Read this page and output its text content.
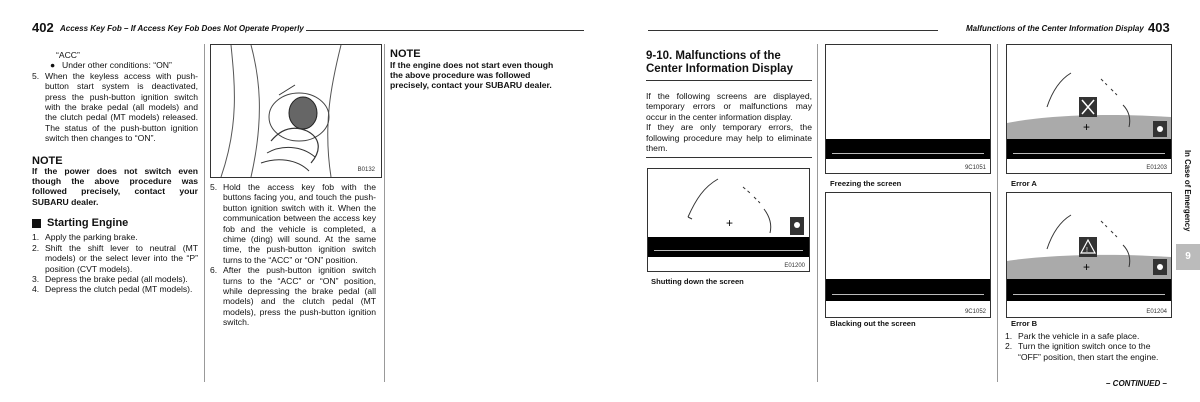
402 Access Key Fob – If Access Key Fob Does Not Operate Properly

“ACC”

● Under other conditions: “ON”
5. When the keyless access with push-button start system is deactivated, press the push-button ignition switch with the brake pedal (all models) and the clutch pedal (MT models) released. The status of the push-button ignition switch then changes to “ON”.
NOTE
If the power does not switch even though the above procedure was followed precisely, contact your SUBARU dealer.
Starting Engine
1. Apply the parking brake.
2. Shift the shift lever to neutral (MT models) or the select lever into the “P” position (CVT models).
3. Depress the brake pedal (all models).
4. Depress the clutch pedal (MT models).
B0132
5. Hold the access key fob with the buttons facing you, and touch the push-button ignition switch with it. When the communication between the access key fob and the vehicle is completed, a chime (ding) will sound. At the same time, the push-button ignition switch turns to the “ACC” or “ON” position.
6. After the push-button ignition switch turns to the “ACC” or “ON” position, while depressing the brake pedal (all models) and the clutch pedal (MT models), press the push-button ignition switch.
NOTE
If the engine does not start even though the above procedure was followed precisely, contact your SUBARU dealer.
Malfunctions of the Center Information Display 403
9-10. Malfunctions of the
Center Information Display
If the following screens are displayed, temporary errors or malfunctions may occur in the center information display.
If they are only temporary errors, the following procedure may help to eliminate them.
+
E01200
Shutting down the screen
9C1051
Freezing the screen
9C1052
Blacking out the screen
+
E01203
Error A
!
+
E01204
Error B
1. Park the vehicle in a safe place.
2. Turn the ignition switch once to the “OFF” position, then start the engine.
– CONTINUED –
In Case of Emergency
9
